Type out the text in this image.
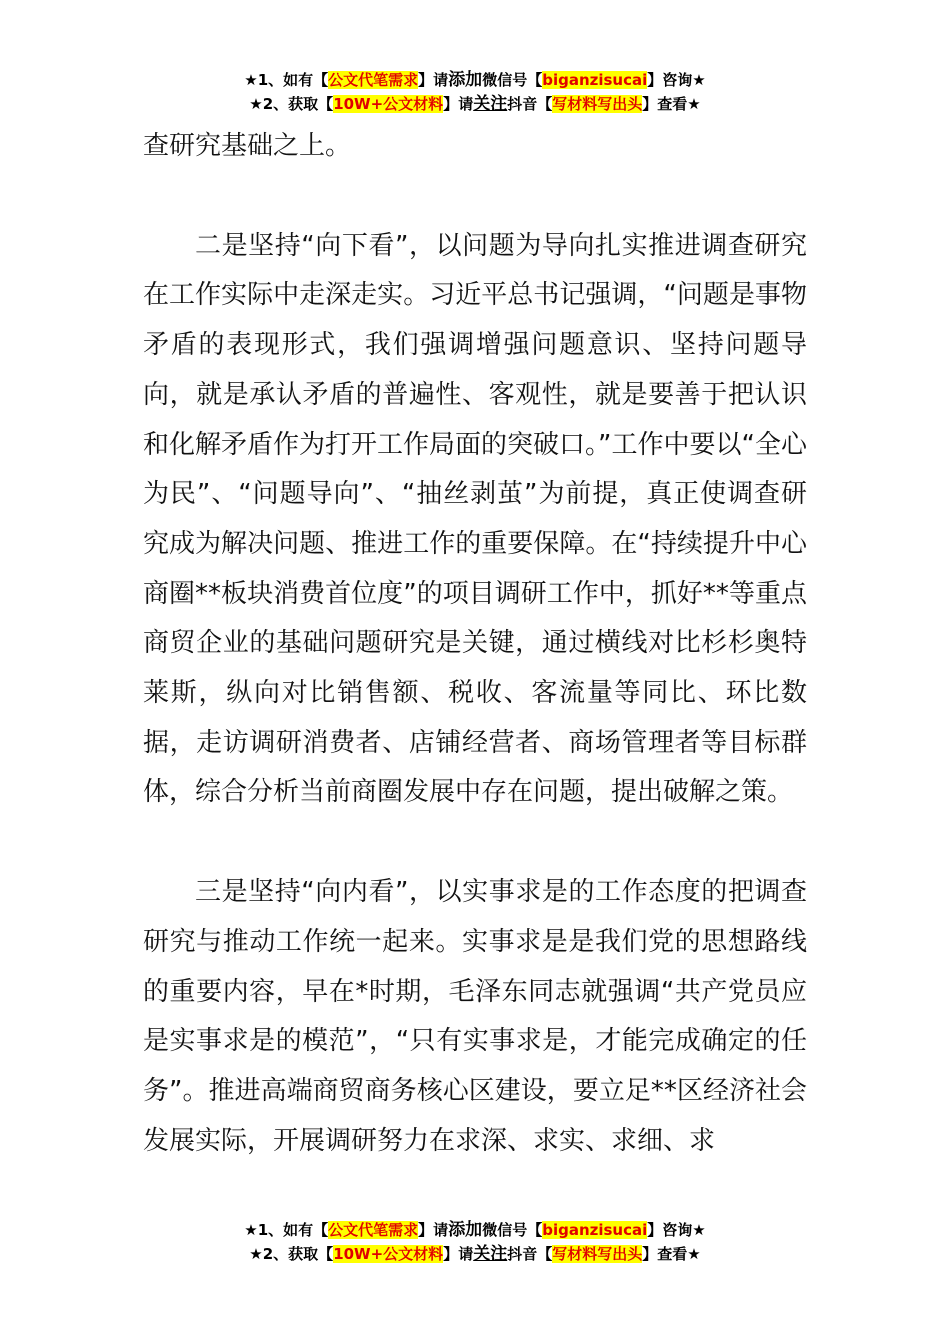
★1、如有【公文代笔需求】请添加微信号【biganzisucai】咨询★
★2、获取【10W+公文材料】请关注抖音【写材料写出头】查看★

查研究基础之上。

二是坚持“向下看”，以问题为导向扎实推进调查研究在工作实际中走深走实。习近平总书记强调，“问题是事物矛盾的表现形式，我们强调增强问题意识、坚持问题导向，就是承认矛盾的普遍性、客观性，就是要善于把认识和化解矛盾作为打开工作局面的突破口。”工作中要以“全心为民”、“问题导向”、“抽丝剥茧”为前提，真正使调查研究成为解决问题、推进工作的重要保障。在“持续提升中心商圈**板块消费首位度”的项目调研工作中，抓好**等重点商贸企业的基础问题研究是关键，通过横线对比杉杉奥特莱斯，纵向对比销售额、税收、客流量等同比、环比数据，走访调研消费者、店铺经营者、商场管理者等目标群体，综合分析当前商圈发展中存在问题，提出破解之策。

三是坚持“向内看”，以实事求是的工作态度的把调查研究与推动工作统一起来。实事求是是我们党的思想路线的重要内容，早在*时期，毛泽东同志就强调“共产党员应是实事求是的模范”，“只有实事求是，才能完成确定的任务”。推进高端商贸商务核心区建设，要立足**区经济社会发展实际，开展调研努力在求深、求实、求细、求

★1、如有【公文代笔需求】请添加微信号【biganzisucai】咨询★
★2、获取【10W+公文材料】请关注抖音【写材料写出头】查看★
